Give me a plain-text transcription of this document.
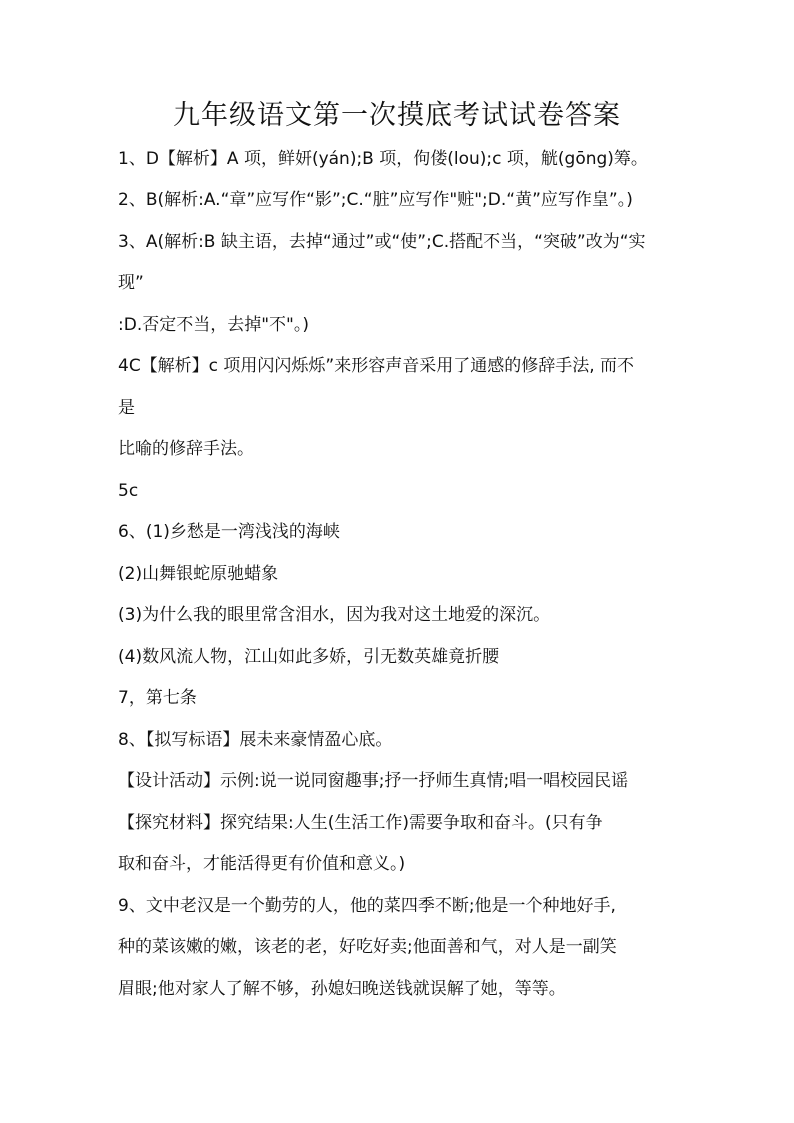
九年级语文第一次摸底考试试卷答案
1、D【解析】A 项，鲜妍(yán);B 项，佝偻(lou);c 项，觥(gōng)筹。
2、B(解析:A.“章”应写作“影”;C.“脏”应写作"赃";D.“黄”应写作皇”。)
3、A(解析:B 缺主语，去掉“通过”或“使”;C.搭配不当，“突破”改为“实
现”
:D.否定不当，去掉"不"。)
4C【解析】c 项用闪闪烁烁”来形容声音采用了通感的修辞手法, 而不
是
比喻的修辞手法。
5c
6、(1)乡愁是一湾浅浅的海峡
(2)山舞银蛇原驰蜡象
(3)为什么我的眼里常含泪水，因为我对这土地爱的深沉。
(4)数风流人物，江山如此多娇，引无数英雄竟折腰
7，第七条
8、【拟写标语】展未来豪情盈心底。
【设计活动】示例:说一说同窗趣事;抒一抒师生真情;唱一唱校园民谣
【探究材料】探究结果:人生(生活工作)需要争取和奋斗。(只有争
取和奋斗，才能活得更有价值和意义。)
9、文中老汉是一个勤劳的人，他的菜四季不断;他是一个种地好手,
种的菜该嫩的嫩，该老的老，好吃好卖;他面善和气，对人是一副笑
眉眼;他对家人了解不够，孙媳妇晚送钱就误解了她，等等。
